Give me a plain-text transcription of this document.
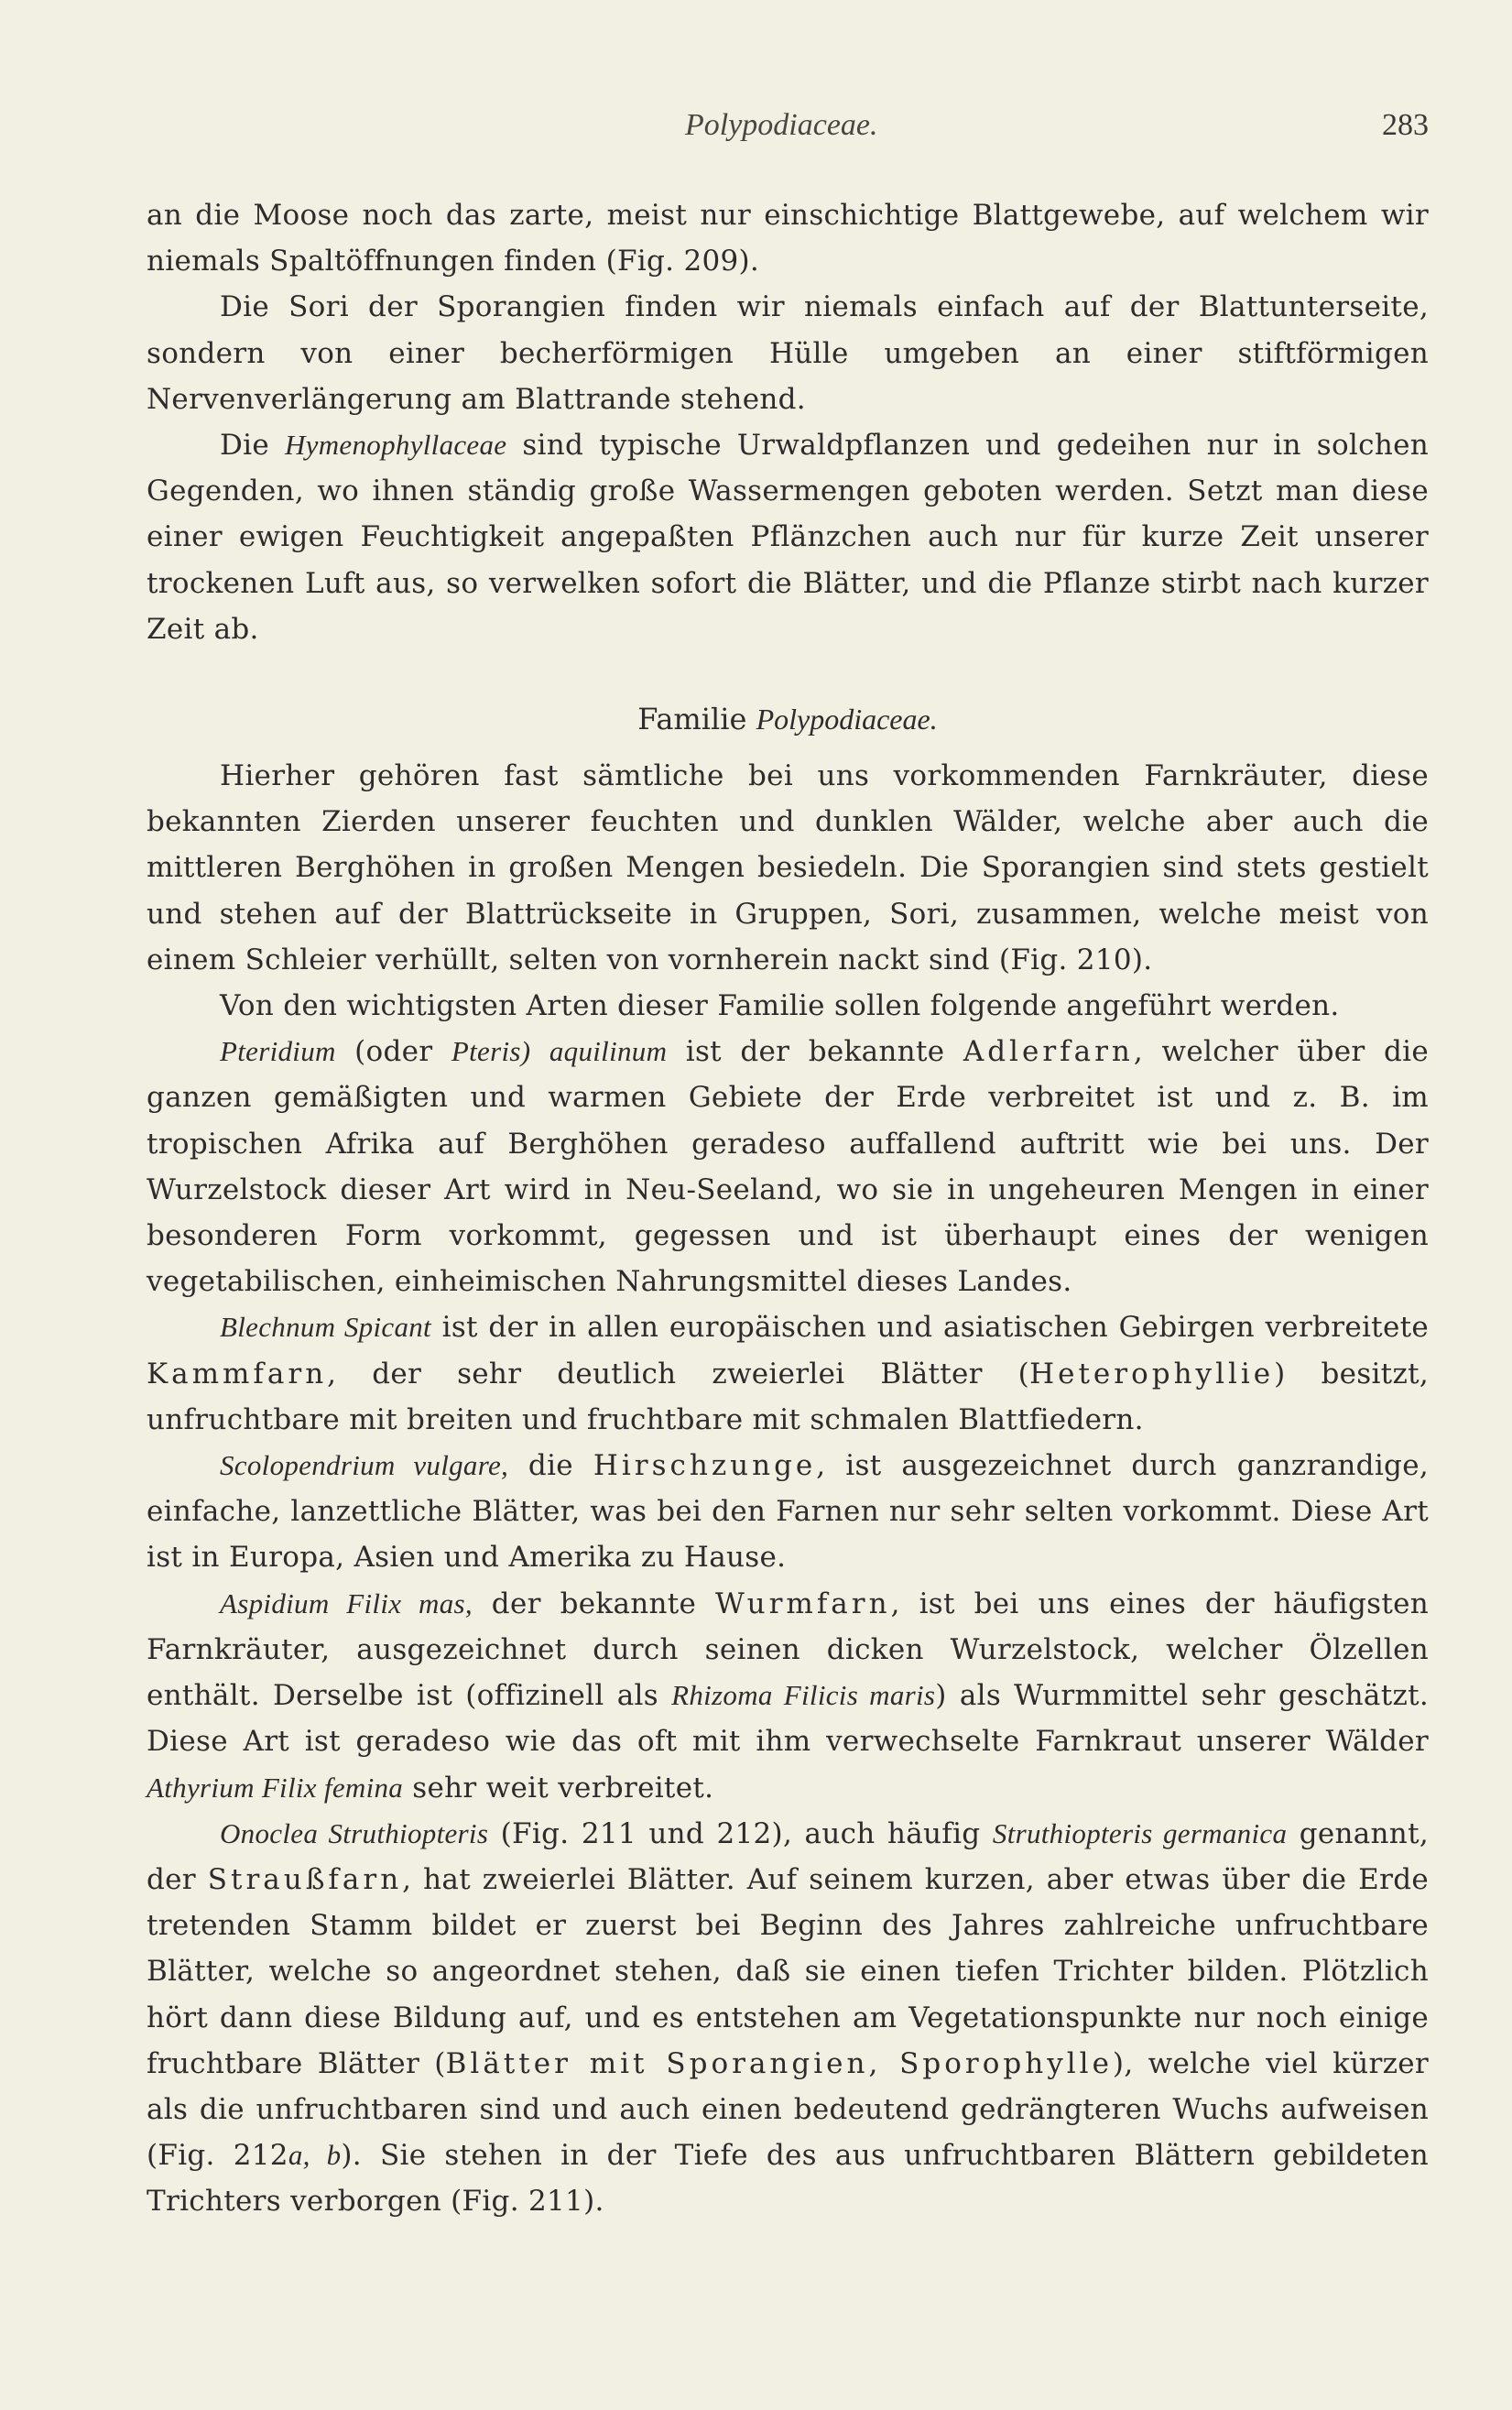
Polypodiaceae.	283

an die Moose noch das zarte, meist nur einschichtige Blattgewebe, auf welchem wir niemals Spaltöffnungen finden (Fig. 209).

Die Sori der Sporangien finden wir niemals einfach auf der Blattunterseite, sondern von einer becherförmigen Hülle umgeben an einer stiftförmigen Nervenverlängerung am Blattrande stehend.

Die Hymenophyllaceae sind typische Urwaldpflanzen und gedeihen nur in solchen Gegenden, wo ihnen ständig große Wassermengen geboten werden. Setzt man diese einer ewigen Feuchtigkeit angepaßten Pflänzchen auch nur für kurze Zeit unserer trockenen Luft aus, so verwelken sofort die Blätter, und die Pflanze stirbt nach kurzer Zeit ab.

Familie Polypodiaceae.

Hierher gehören fast sämtliche bei uns vorkommenden Farnkräuter, diese bekannten Zierden unserer feuchten und dunklen Wälder, welche aber auch die mittleren Berghöhen in großen Mengen besiedeln. Die Sporangien sind stets gestielt und stehen auf der Blattrückseite in Gruppen, Sori, zusammen, welche meist von einem Schleier verhüllt, selten von vornherein nackt sind (Fig. 210).

Von den wichtigsten Arten dieser Familie sollen folgende angeführt werden.

Pteridium (oder Pteris) aquilinum ist der bekannte Adlerfarn, welcher über die ganzen gemäßigten und warmen Gebiete der Erde verbreitet ist und z. B. im tropischen Afrika auf Berghöhen geradeso auffallend auftritt wie bei uns. Der Wurzelstock dieser Art wird in Neu-Seeland, wo sie in ungeheuren Mengen in einer besonderen Form vorkommt, gegessen und ist überhaupt eines der wenigen vegetabilischen, einheimischen Nahrungsmittel dieses Landes.

Blechnum Spicant ist der in allen europäischen und asiatischen Gebirgen verbreitete Kammfarn, der sehr deutlich zweierlei Blätter (Heterophyllie) besitzt, unfruchtbare mit breiten und fruchtbare mit schmalen Blattfiedern.

Scolopendrium vulgare, die Hirschzunge, ist ausgezeichnet durch ganzrandige, einfache, lanzettliche Blätter, was bei den Farnen nur sehr selten vorkommt. Diese Art ist in Europa, Asien und Amerika zu Hause.

Aspidium Filix mas, der bekannte Wurmfarn, ist bei uns eines der häufigsten Farnkräuter, ausgezeichnet durch seinen dicken Wurzelstock, welcher Ölzellen enthält. Derselbe ist (offizinell als Rhizoma Filicis maris) als Wurmmittel sehr geschätzt. Diese Art ist geradeso wie das oft mit ihm verwechselte Farnkraut unserer Wälder Athyrium Filix femina sehr weit verbreitet.

Onoclea Struthiopteris (Fig. 211 und 212), auch häufig Struthiopteris germanica genannt, der Straußfarn, hat zweierlei Blätter. Auf seinem kurzen, aber etwas über die Erde tretenden Stamm bildet er zuerst bei Beginn des Jahres zahlreiche unfruchtbare Blätter, welche so angeordnet stehen, daß sie einen tiefen Trichter bilden. Plötzlich hört dann diese Bildung auf, und es entstehen am Vegetationspunkte nur noch einige fruchtbare Blätter (Blätter mit Sporangien, Sporophylle), welche viel kürzer als die unfruchtbaren sind und auch einen bedeutend gedrängteren Wuchs aufweisen (Fig. 212a, b). Sie stehen in der Tiefe des aus unfruchtbaren Blättern gebildeten Trichters verborgen (Fig. 211).
